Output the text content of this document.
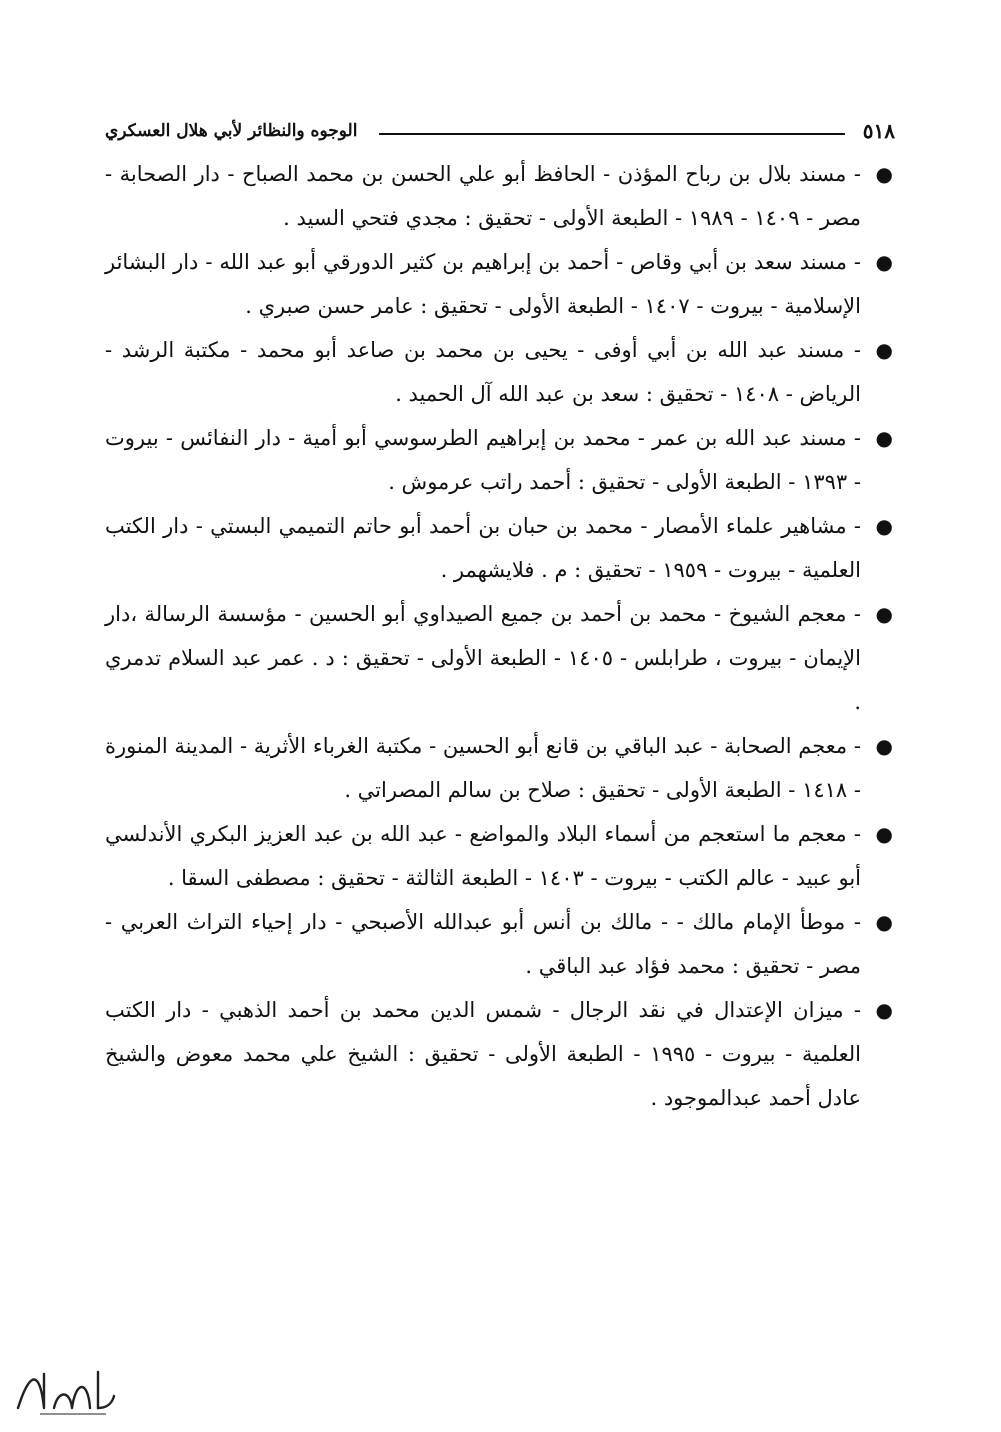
٥١٨
الوجوه والنظائر لأبي هلال العسكري
●
- مسند بلال بن رباح المؤذن - الحافظ أبو علي الحسن بن محمد الصباح - دار الصحابة - مصر - ١٤٠٩ - ١٩٨٩ - الطبعة الأولى - تحقيق : مجدي فتحي السيد .
●
- مسند سعد بن أبي وقاص - أحمد بن إبراهيم بن كثير الدورقي أبو عبد الله - دار البشائر الإسلامية - بيروت - ١٤٠٧ - الطبعة الأولى - تحقيق : عامر حسن صبري .
●
- مسند عبد الله بن أبي أوفى - يحيى بن محمد بن صاعد أبو محمد - مكتبة الرشد - الرياض - ١٤٠٨ - تحقيق : سعد بن عبد الله آل الحميد .
●
- مسند عبد الله بن عمر - محمد بن إبراهيم الطرسوسي أبو أمية - دار النفائس - بيروت - ١٣٩٣ - الطبعة الأولى - تحقيق : أحمد راتب عرموش .
●
- مشاهير علماء الأمصار - محمد بن حبان بن أحمد أبو حاتم التميمي البستي - دار الكتب العلمية - بيروت - ١٩٥٩ - تحقيق : م . فلايشهمر .
●
- معجم الشيوخ - محمد بن أحمد بن جميع الصيداوي أبو الحسين - مؤسسة الرسالة ،دار الإيمان - بيروت ، طرابلس - ١٤٠٥ - الطبعة الأولى - تحقيق : د . عمر عبد السلام تدمري .
●
- معجم الصحابة - عبد الباقي بن قانع أبو الحسين - مكتبة الغرباء الأثرية - المدينة المنورة - ١٤١٨ - الطبعة الأولى - تحقيق : صلاح بن سالم المصراتي .
●
- معجم ما استعجم من أسماء البلاد والمواضع - عبد الله بن عبد العزيز البكري الأندلسي أبو عبيد - عالم الكتب - بيروت - ١٤٠٣ - الطبعة الثالثة - تحقيق : مصطفى السقا .
●
- موطأ الإمام مالك - - مالك بن أنس أبو عبدالله الأصبحي - دار إحياء التراث العربي - مصر - تحقيق : محمد فؤاد عبد الباقي .
●
- ميزان الإعتدال في نقد الرجال - شمس الدين محمد بن أحمد الذهبي - دار الكتب العلمية - بيروت - ١٩٩٥ - الطبعة الأولى - تحقيق : الشيخ علي محمد معوض والشيخ عادل أحمد عبدالموجود .
